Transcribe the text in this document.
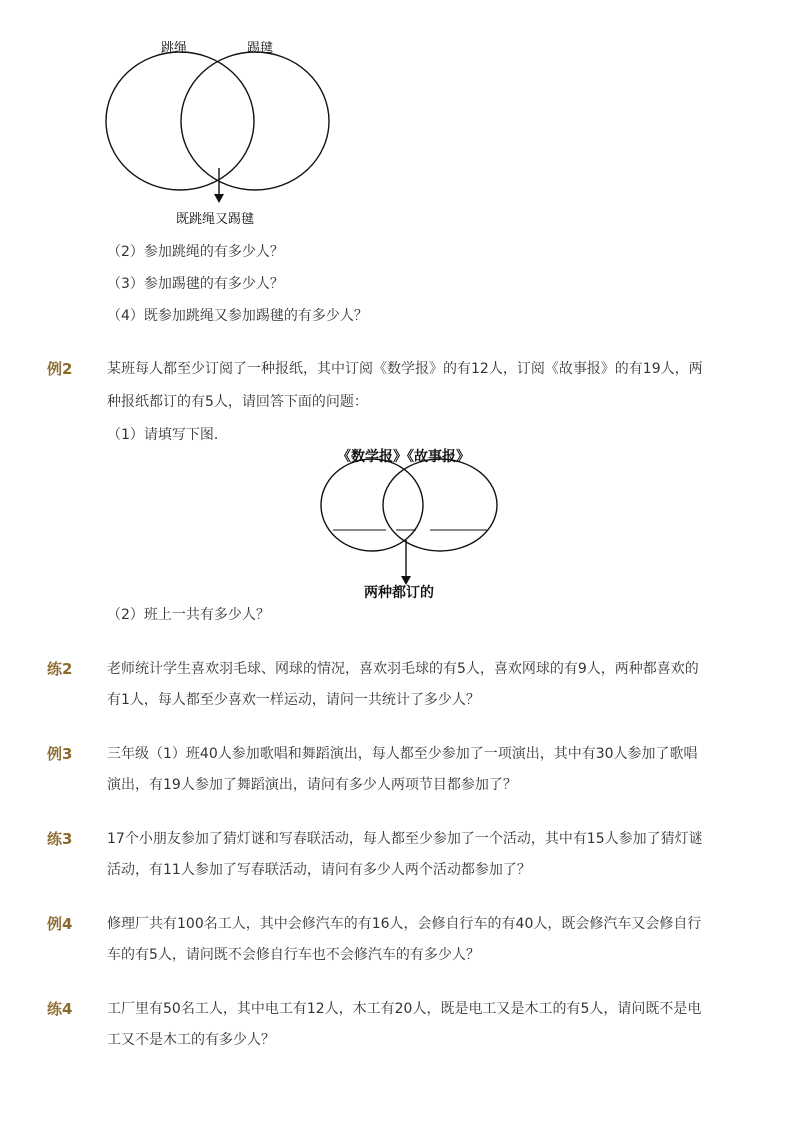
跳绳	踢毽
既跳绳又踢毽
（2）参加跳绳的有多少人？
（3）参加踢毽的有多少人？
（4）既参加跳绳又参加踢毽的有多少人？
例2 某班每人都至少订阅了一种报纸，其中订阅《数学报》的有12人，订阅《故事报》的有19人，两
种报纸都订的有5人，请回答下面的问题：
（1）请填写下图．
《数学报》《故事报》
两种都订的
（2）班上一共有多少人？
练2 老师统计学生喜欢羽毛球、网球的情况，喜欢羽毛球的有5人，喜欢网球的有9人，两种都喜欢的
有1人，每人都至少喜欢一样运动，请问一共统计了多少人？
例3 三年级（1）班40人参加歌唱和舞蹈演出，每人都至少参加了一项演出，其中有30人参加了歌唱
演出，有19人参加了舞蹈演出，请问有多少人两项节目都参加了？
练3 17个小朋友参加了猜灯谜和写春联活动，每人都至少参加了一个活动，其中有15人参加了猜灯谜
活动，有11人参加了写春联活动，请问有多少人两个活动都参加了？
例4 修理厂共有100名工人，其中会修汽车的有16人，会修自行车的有40人，既会修汽车又会修自行
车的有5人，请问既不会修自行车也不会修汽车的有多少人？
练4 工厂里有50名工人，其中电工有12人，木工有20人，既是电工又是木工的有5人，请问既不是电
工又不是木工的有多少人？
